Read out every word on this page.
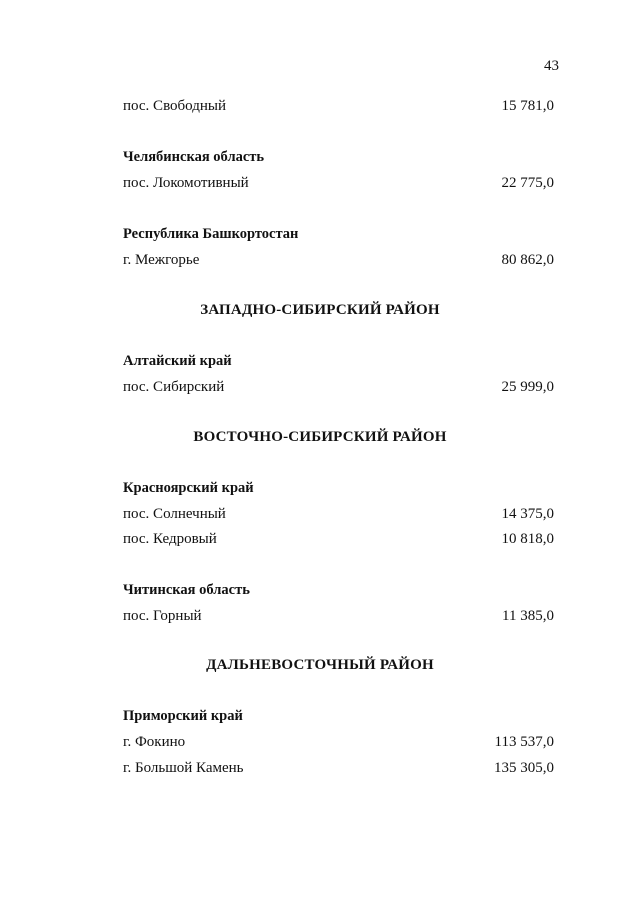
43
пос. Свободный	15 781,0
Челябинская область
пос. Локомотивный	22 775,0
Республика Башкортостан
г. Межгорье	80 862,0
ЗАПАДНО-СИБИРСКИЙ РАЙОН
Алтайский край
пос. Сибирский	25 999,0
ВОСТОЧНО-СИБИРСКИЙ РАЙОН
Красноярский край
пос. Солнечный	14 375,0
пос. Кедровый	10 818,0
Читинская область
пос. Горный	11 385,0
ДАЛЬНЕВОСТОЧНЫЙ РАЙОН
Приморский край
г. Фокино	113 537,0
г. Большой Камень	135 305,0
